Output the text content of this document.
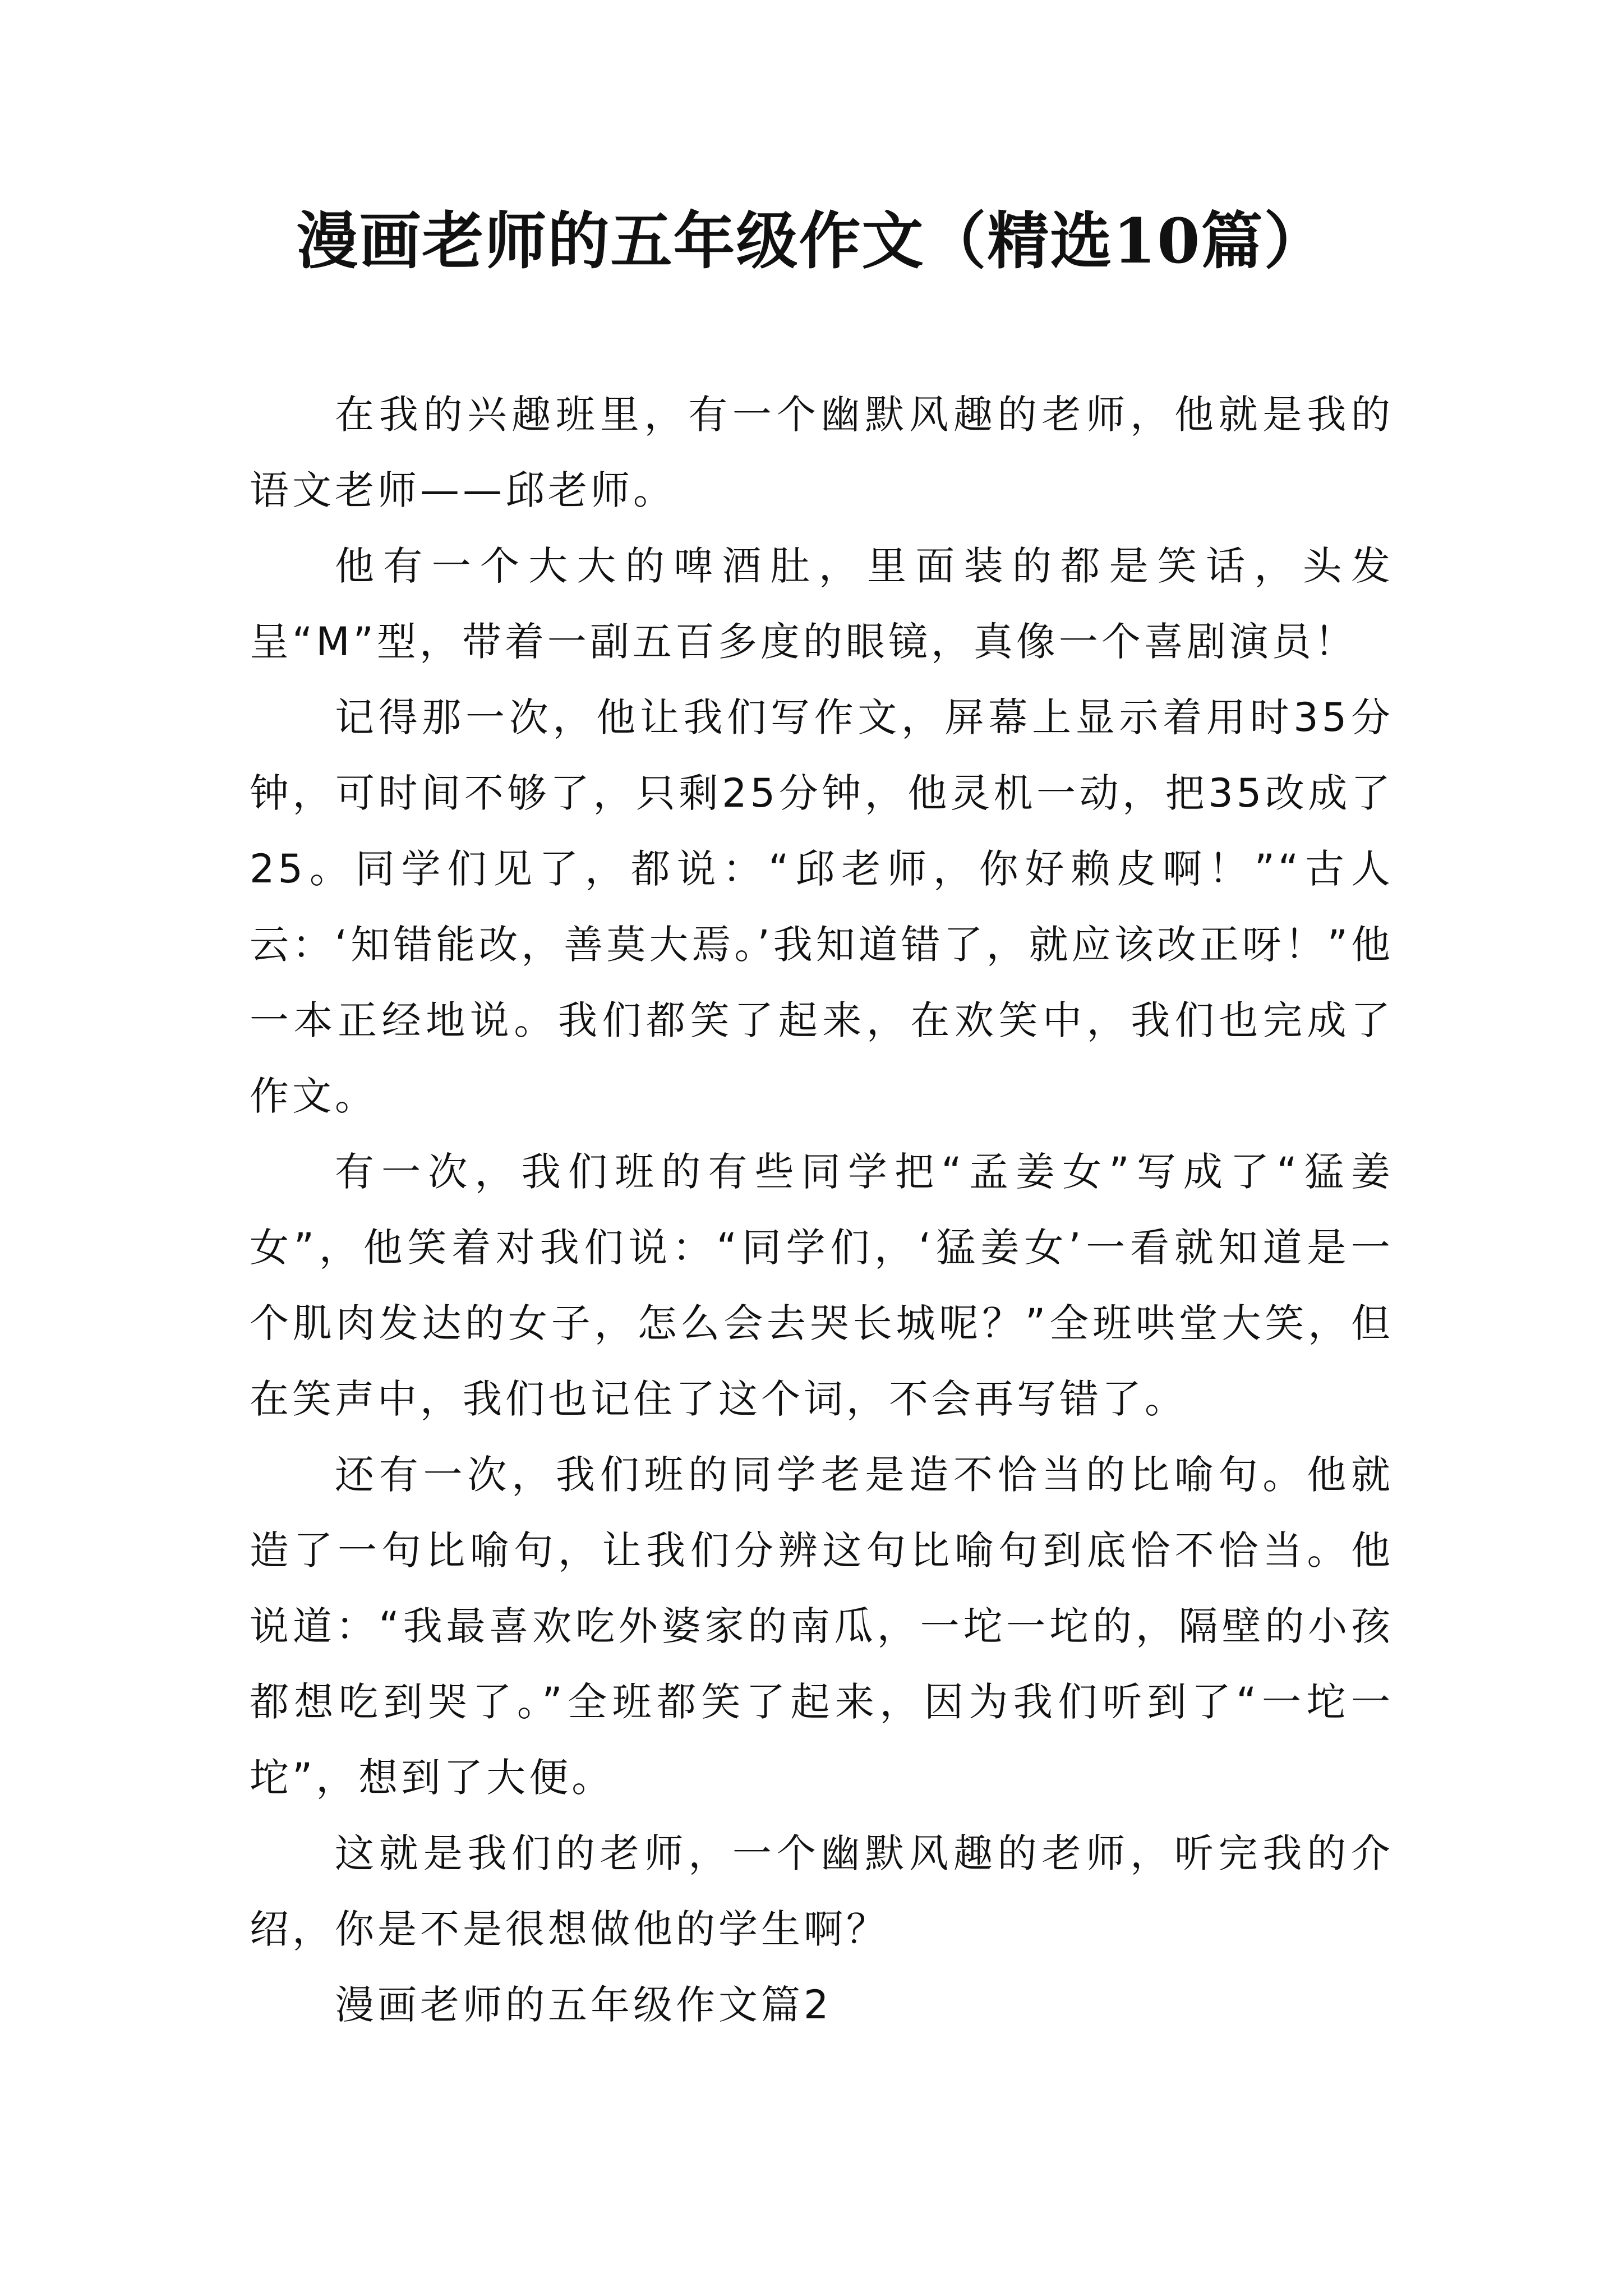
漫画老师的五年级作文（精选10篇）

在我的兴趣班里，有一个幽默风趣的老师，他就是我的语文老师——邱老师。

他有一个大大的啤酒肚，里面装的都是笑话，头发呈“M”型，带着一副五百多度的眼镜，真像一个喜剧演员！

记得那一次，他让我们写作文，屏幕上显示着用时35分钟，可时间不够了，只剩25分钟，他灵机一动，把35改成了25。同学们见了，都说：“邱老师，你好赖皮啊！”“古人云：‘知错能改，善莫大焉。’我知道错了，就应该改正呀！”他一本正经地说。我们都笑了起来，在欢笑中，我们也完成了作文。

有一次，我们班的有些同学把“孟姜女”写成了“猛姜女”，他笑着对我们说：“同学们，‘猛姜女’一看就知道是一个肌肉发达的女子，怎么会去哭长城呢？”全班哄堂大笑，但在笑声中，我们也记住了这个词，不会再写错了。

还有一次，我们班的同学老是造不恰当的比喻句。他就造了一句比喻句，让我们分辨这句比喻句到底恰不恰当。他说道：“我最喜欢吃外婆家的南瓜，一坨一坨的，隔壁的小孩都想吃到哭了。”全班都笑了起来，因为我们听到了“一坨一坨”，想到了大便。

这就是我们的老师，一个幽默风趣的老师，听完我的介绍，你是不是很想做他的学生啊？

漫画老师的五年级作文篇2
